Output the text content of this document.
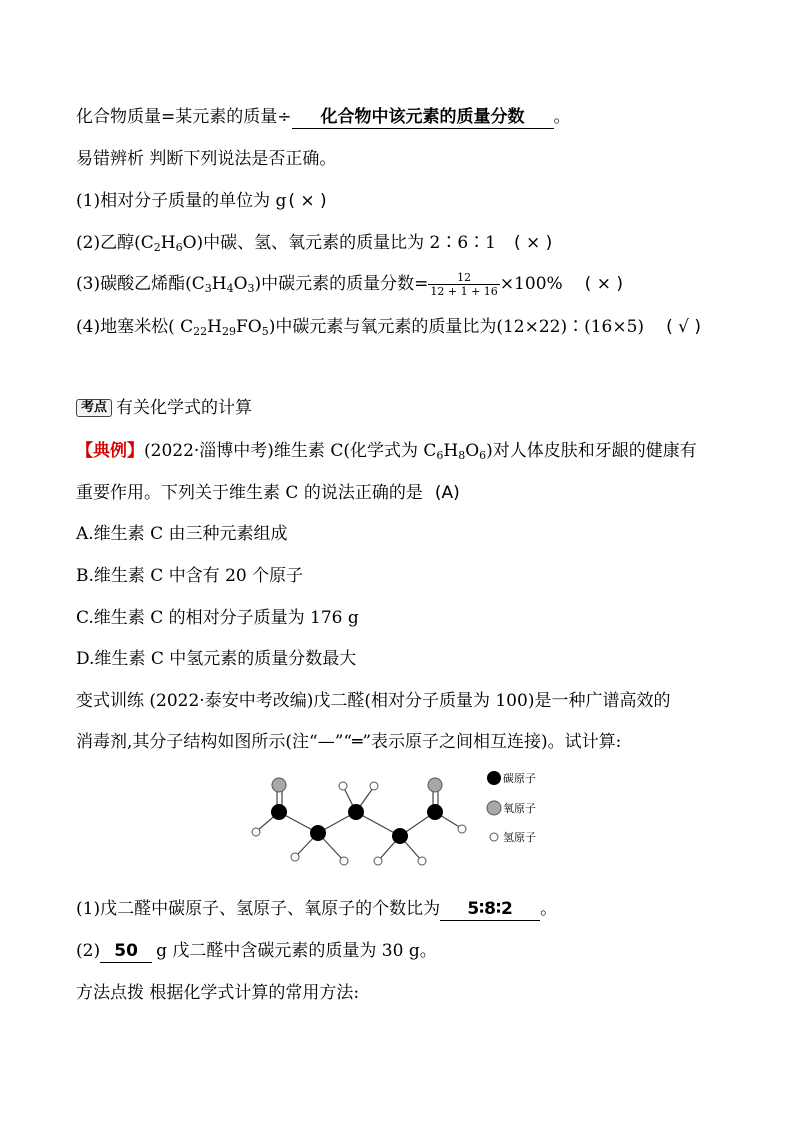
化合物质量=某元素的质量÷ 化合物中该元素的质量分数 。
易错辨析 判断下列说法是否正确。
(1)相对分子质量的单位为 g ( × )
(2)乙醇$(C_2H_6O)$中碳、氢、氧元素的质量比为 2∶6∶1 ( × )
(3)碳酸乙烯酯$(C_3H_4O_3)$中碳元素的质量分数= $\frac{12}{12 + 1 + 16} \times 100\%$ ( × )
(4)地塞米松( $C_{22}H_{29}FO_5$)中碳元素与氧元素的质量比为(12×22)∶(16×5) ( √ )
考点 有关化学式的计算
【典例】(2022·淄博中考)维生素 C(化学式为 $C_6H_8O_6$)对人体皮肤和牙龈的健康有
重要作用。下列关于维生素 C 的说法正确的是 (A)
A.维生素 C 由三种元素组成
B.维生素 C 中含有 20 个原子
C.维生素 C 的相对分子质量为 176 g
D.维生素 C 中氢元素的质量分数最大
变式训练 (2022·泰安中考改编)戊二醛(相对分子质量为 100)是一种广谱高效的
消毒剂,其分子结构如图所示(注“—”“═”表示原子之间相互连接)。试计算:
碳原子
氧原子
氢原子
(1)戊二醛中碳原子、氢原子、氧原子的个数比为 5∶8∶2 。
(2) 50 g 戊二醛中含碳元素的质量为 30 g。
方法点拨 根据化学式计算的常用方法:
